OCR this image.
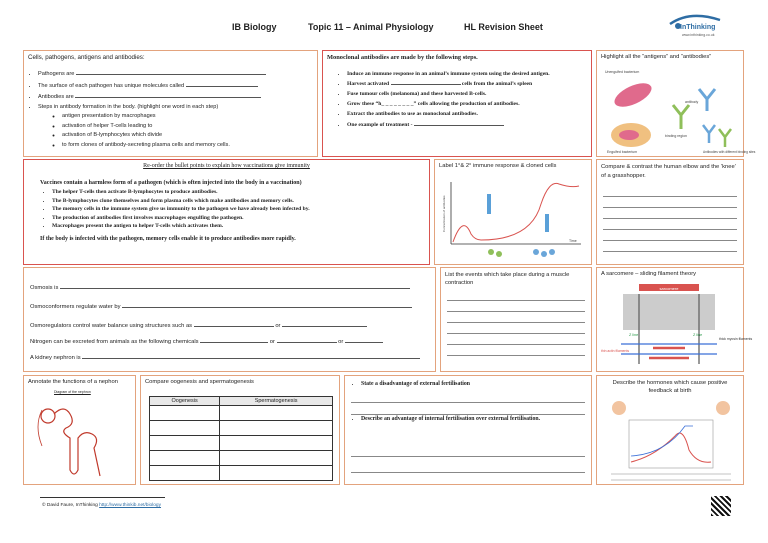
IB Biology	Topic 11 – Animal Physiology	HL Revision Sheet	InThinking
www.inthinking.co.uk
Cells, pathogens, antigens and antibodies:
• Pathogens are
• The surface of each pathogen has unique molecules called
• Antibodies are
• Steps in antibody formation in the body. (highlight one word in each step)
◦ antigen presentation by macrophages
◦ activation of helper T-cells leading to
◦ activation of B-lymphocytes which divide
◦ to form clones of antibody-secreting plasma cells and memory cells.
Monoclonal antibodies are made by the following steps.
• Induce an immune response in an animal’s immune system using the desired antigen.
• Harvest activated	cells from the animal’s spleen
• Fuse tumour cells (melanoma) and these harvested B-cells.
• Grow these “h_ _ _ _ _ _ _ _” cells allowing the production of antibodies.
• Extract the antibodies to use as monoclonal antibodies.
• One example of treatment -
Highlight all the “antigens” and “antibodies”
Unengulfed bacterium
antibody
binding region
Engulfed bacterium	Antibodies with different binding sites
Re-order the bullet points to explain how vaccinations give immunity
Vaccines contain a harmless form of a pathogen (which is often injected into the body in a vaccination)
• The helper T-cells then activate B-lymphocytes to produce antibodies.
• The B-lymphocytes clone themselves and form plasma cells which make antibodies and memory cells.
• The memory cells in the immune system give us immunity to the pathogen we have already been infected by.
• The production of antibodies first involves macrophages engulfing the pathogen.
• Macrophages present the antigen to helper T-cells which activates them.
If the body is infected with the pathogen, memory cells enable it to produce antibodies more rapidly.
Label 1°& 2° immune response & cloned cells
Time
Concentration of antibodies
Compare & contrast the human elbow and the ‘knee’ of a grasshopper.
Osmosis is
Osmoconformers regulate water by
Osmoregulators control water balance using structures such as	or
Nitrogen can be excreted from animals as the following chemicals	or	or
A kidney nephron is
List the events which take place during a muscle contraction
A sarcomere – sliding filament theory
sarcomere
Z line	Z line
thick myosin filaments
thin actin filaments
Annotate the functions of a nephon
Diagram of the nephron
Compare oogenesis and spermatogenesis
Oogenesis	Spermatogenesis

• State a disadvantage of external fertilisation
• Describe an advantage of internal fertilisation over external fertilisation.
Describe the hormones which cause positive feedback at birth
© David Faure, InThinking http://www.thinkib.net/biology
